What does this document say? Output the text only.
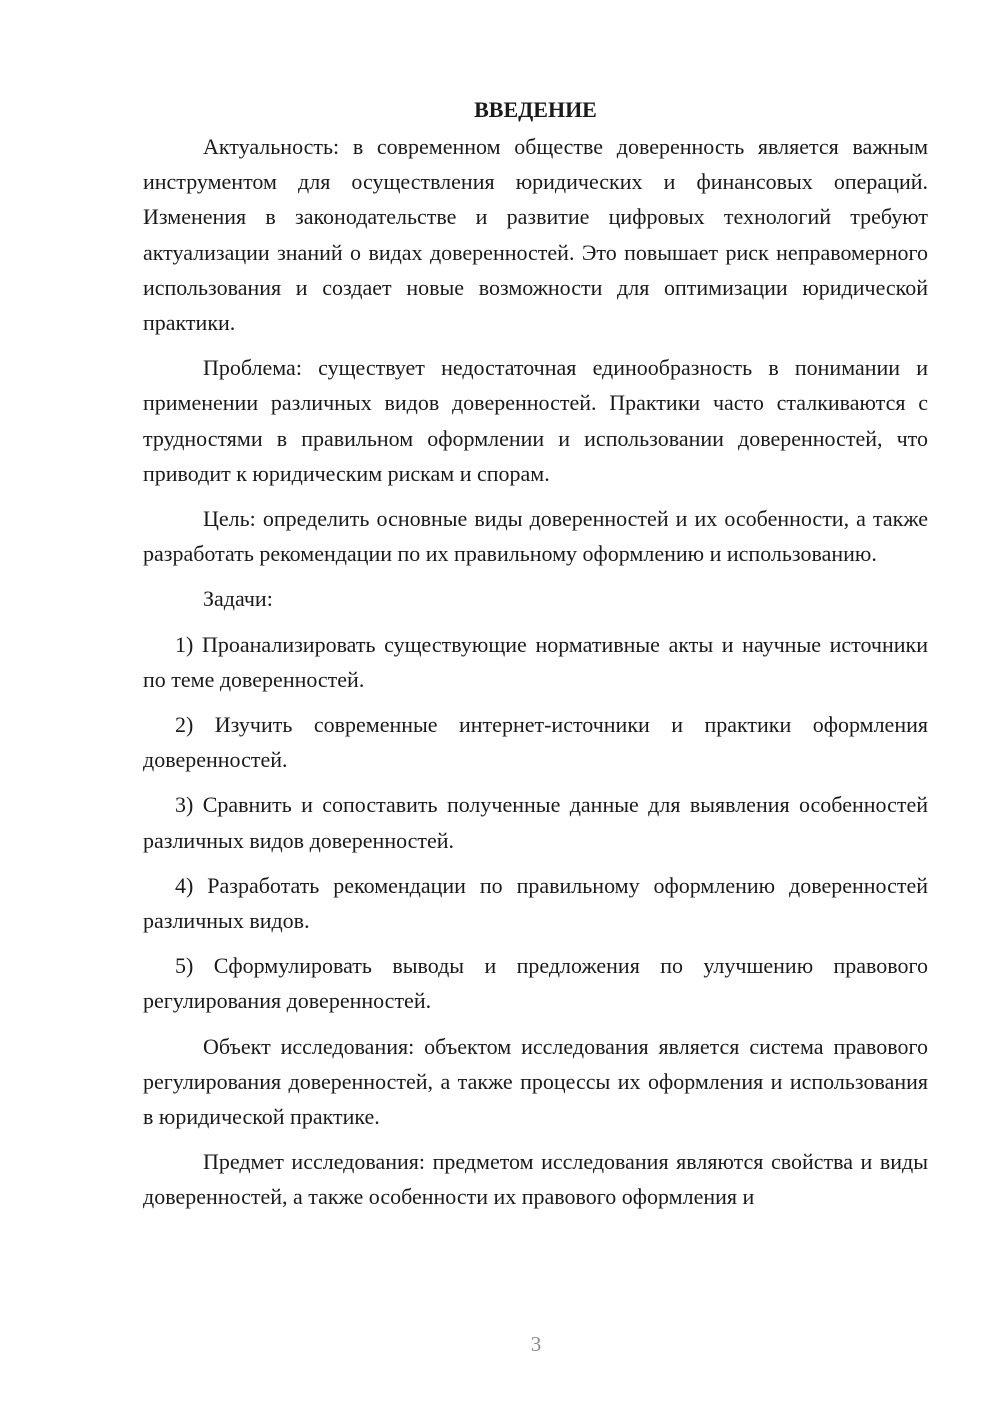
ВВЕДЕНИЕ

Актуальность: в современном обществе доверенность является важным инструментом для осуществления юридических и финансовых операций. Изменения в законодательстве и развитие цифровых технологий требуют актуализации знаний о видах доверенностей. Это повышает риск неправомерного использования и создает новые возможности для оптимизации юридической практики.

Проблема: существует недостаточная единообразность в понимании и применении различных видов доверенностей. Практики часто сталкиваются с трудностями в правильном оформлении и использовании доверенностей, что приводит к юридическим рискам и спорам.

Цель: определить основные виды доверенностей и их особенности, а также разработать рекомендации по их правильному оформлению и использованию.

Задачи:

1) Проанализировать существующие нормативные акты и научные источники по теме доверенностей.

2) Изучить современные интернет-источники и практики оформления доверенностей.

3) Сравнить и сопоставить полученные данные для выявления особенностей различных видов доверенностей.

4) Разработать рекомендации по правильному оформлению доверенностей различных видов.

5) Сформулировать выводы и предложения по улучшению правового регулирования доверенностей.

Объект исследования: объектом исследования является система правового регулирования доверенностей, а также процессы их оформления и использования в юридической практике.

Предмет исследования: предметом исследования являются свойства и виды доверенностей, а также особенности их правового оформления и

3
